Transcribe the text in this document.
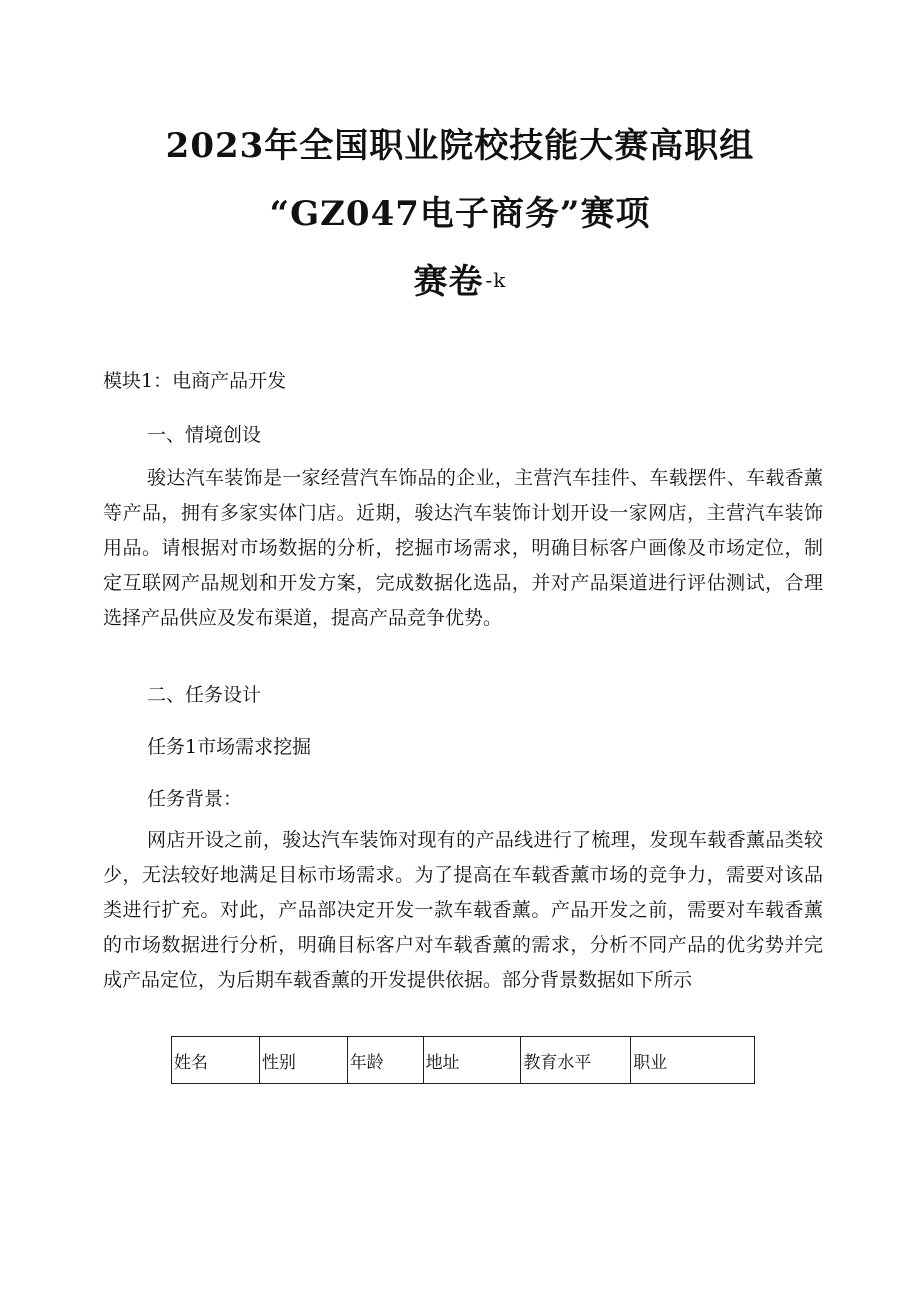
2023年全国职业院校技能大赛高职组
“GZ047电子商务”赛项
赛卷 $^{-k}$
模块1：电商产品开发
一、情境创设
骏达汽车装饰是一家经营汽车饰品的企业，主营汽车挂件、车载摆件、车载香薰等产品，拥有多家实体门店。近期，骏达汽车装饰计划开设一家网店，主营汽车装饰用品。请根据对市场数据的分析，挖掘市场需求，明确目标客户画像及市场定位，制定互联网产品规划和开发方案，完成数据化选品，并对产品渠道进行评估测试，合理选择产品供应及发布渠道，提高产品竞争优势。
二、任务设计
任务1市场需求挖掘
任务背景：
网店开设之前，骏达汽车装饰对现有的产品线进行了梳理，发现车载香薰品类较少，无法较好地满足目标市场需求。为了提高在车载香薰市场的竞争力，需要对该品类进行扩充。对此，产品部决定开发一款车载香薰。产品开发之前，需要对车载香薰的市场数据进行分析，明确目标客户对车载香薰的需求，分析不同产品的优劣势并完成产品定位，为后期车载香薰的开发提供依据。部分背景数据如下所示
姓名	性别	年龄	地址	教育水平	职业
